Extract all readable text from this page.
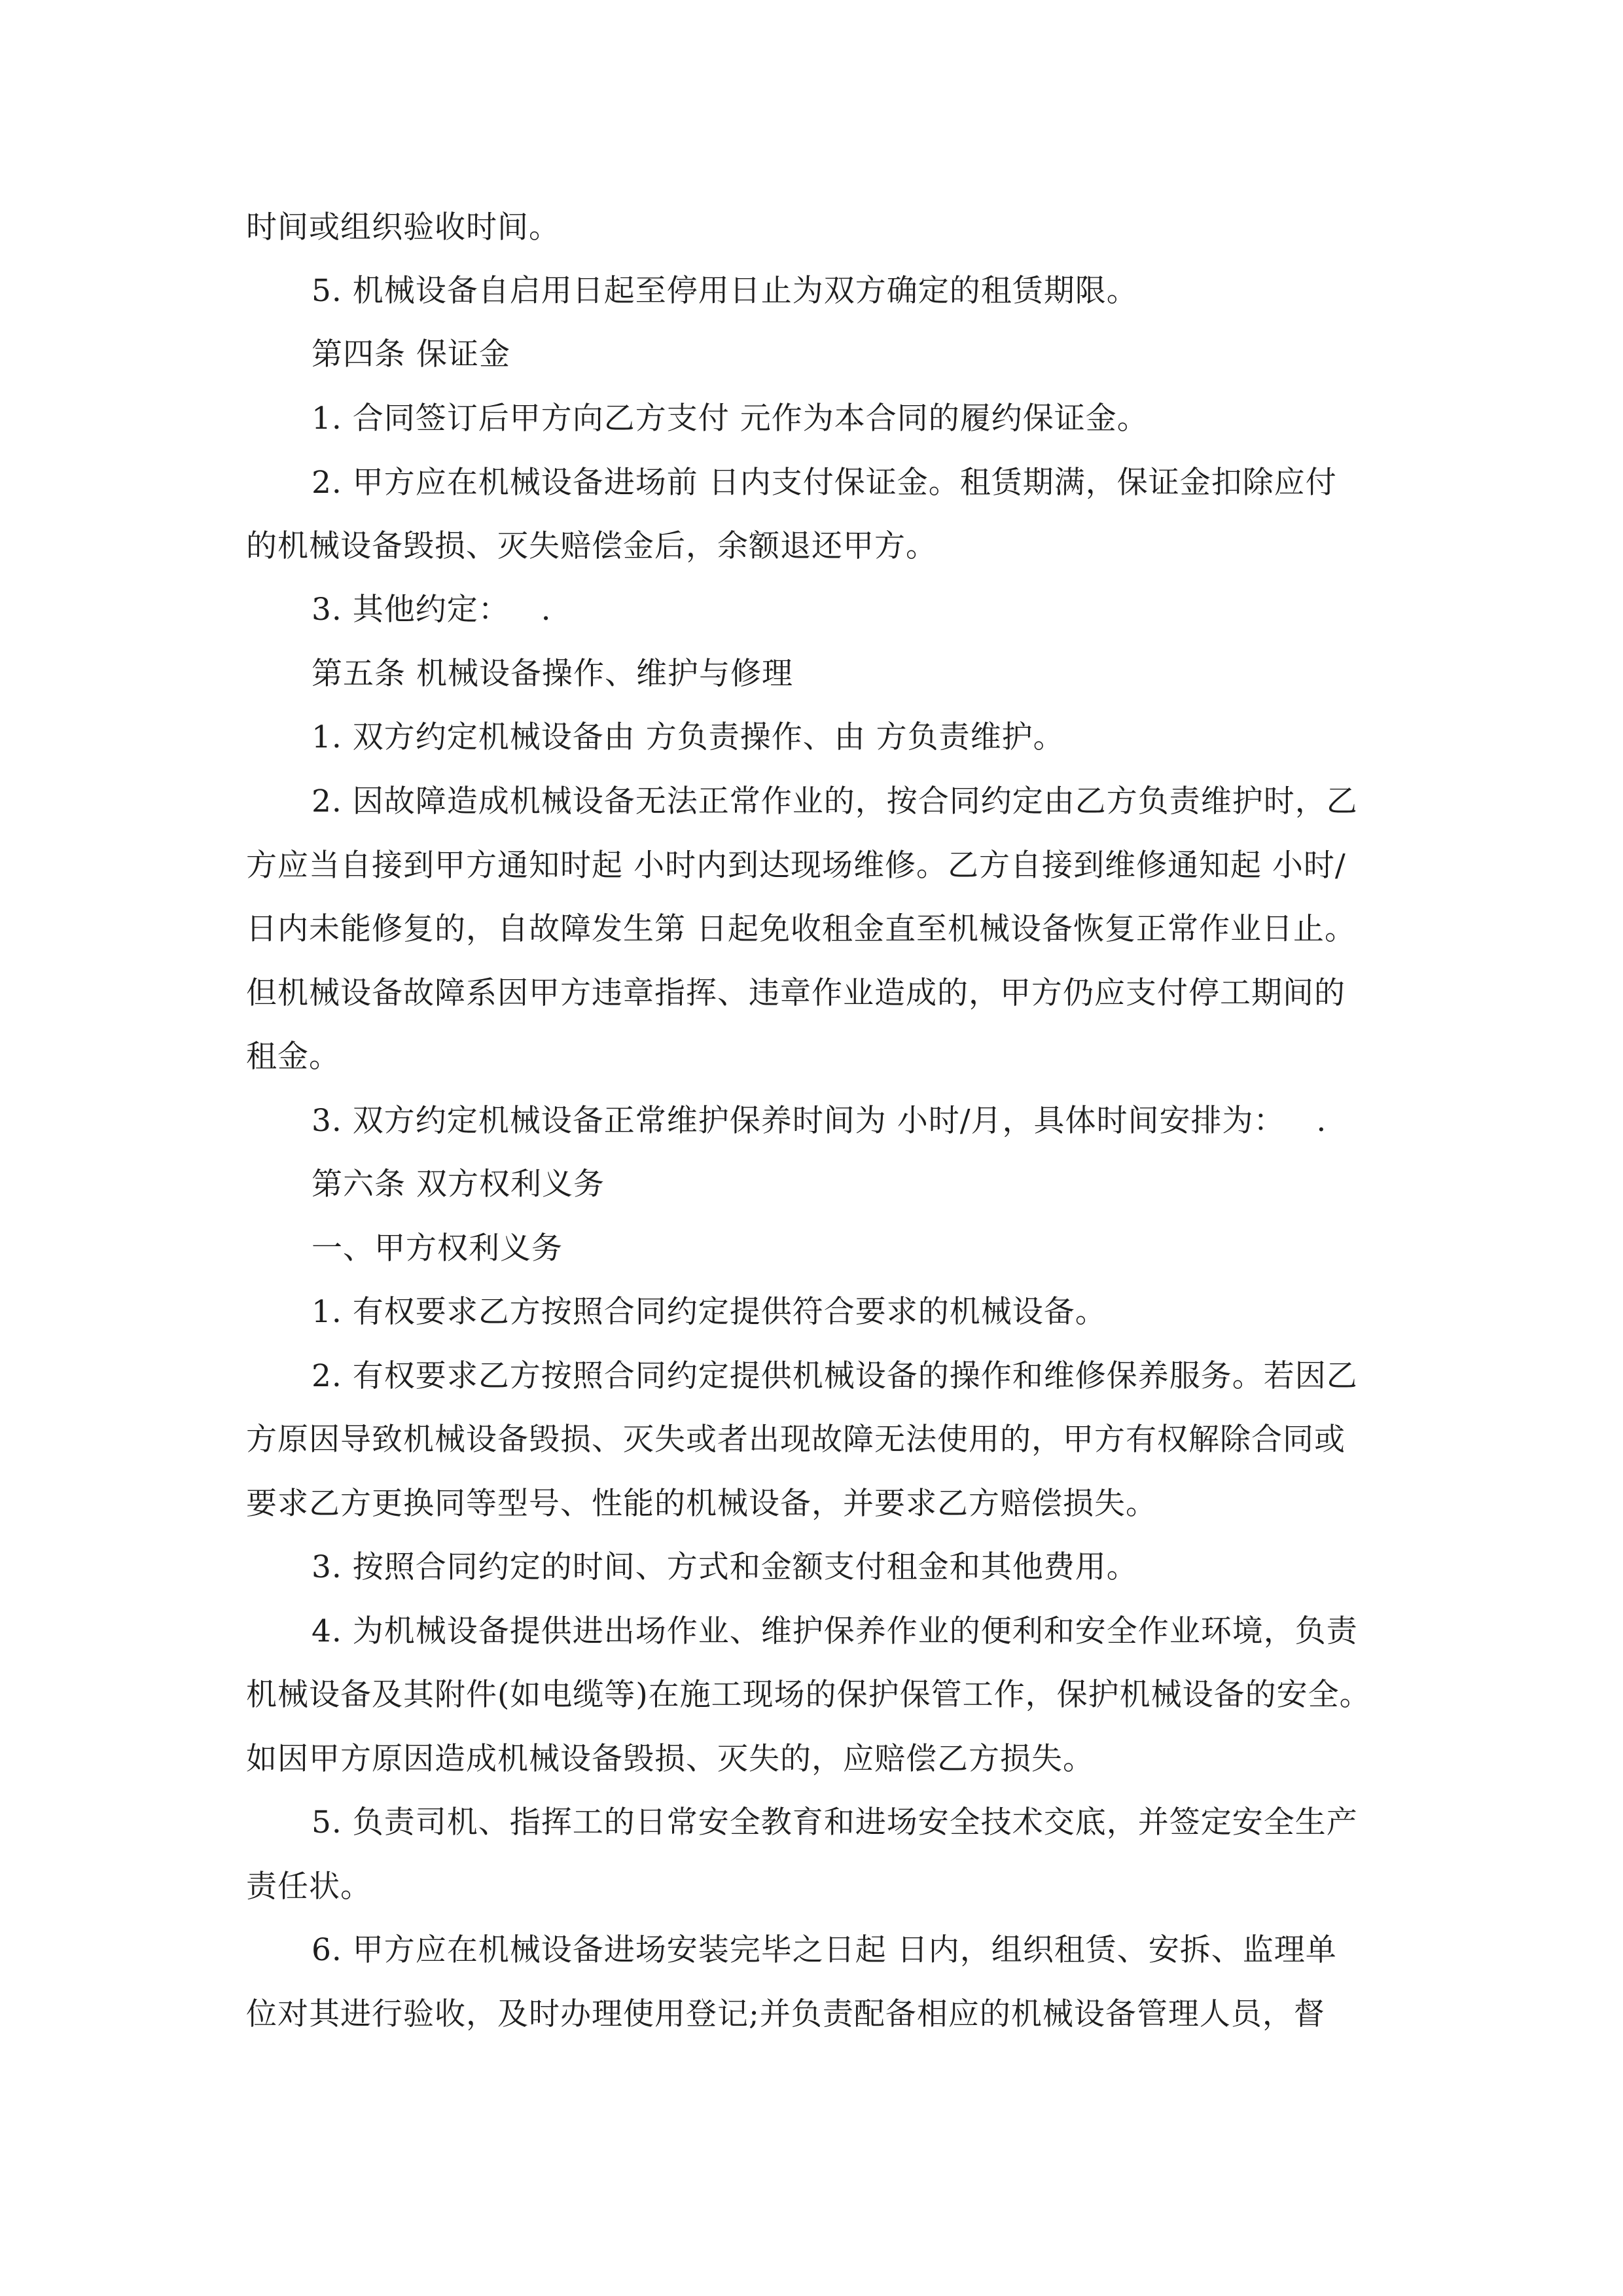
时间或组织验收时间。
5. 机械设备自启用日起至停用日止为双方确定的租赁期限。
第四条 保证金
1. 合同签订后甲方向乙方支付 元作为本合同的履约保证金。
2. 甲方应在机械设备进场前 日内支付保证金。租赁期满，保证金扣除应付
的机械设备毁损、灭失赔偿金后，余额退还甲方。
3. 其他约定：   .
第五条 机械设备操作、维护与修理
1. 双方约定机械设备由 方负责操作、由 方负责维护。
2. 因故障造成机械设备无法正常作业的，按合同约定由乙方负责维护时，乙
方应当自接到甲方通知时起 小时内到达现场维修。乙方自接到维修通知起 小时/
日内未能修复的，自故障发生第 日起免收租金直至机械设备恢复正常作业日止。
但机械设备故障系因甲方违章指挥、违章作业造成的，甲方仍应支付停工期间的
租金。
3. 双方约定机械设备正常维护保养时间为 小时/月，具体时间安排为：   .
第六条 双方权利义务
一、甲方权利义务
1. 有权要求乙方按照合同约定提供符合要求的机械设备。
2. 有权要求乙方按照合同约定提供机械设备的操作和维修保养服务。若因乙
方原因导致机械设备毁损、灭失或者出现故障无法使用的，甲方有权解除合同或
要求乙方更换同等型号、性能的机械设备，并要求乙方赔偿损失。
3. 按照合同约定的时间、方式和金额支付租金和其他费用。
4. 为机械设备提供进出场作业、维护保养作业的便利和安全作业环境，负责
机械设备及其附件(如电缆等)在施工现场的保护保管工作，保护机械设备的安全。
如因甲方原因造成机械设备毁损、灭失的，应赔偿乙方损失。
5. 负责司机、指挥工的日常安全教育和进场安全技术交底，并签定安全生产
责任状。
6. 甲方应在机械设备进场安装完毕之日起 日内，组织租赁、安拆、监理单
位对其进行验收，及时办理使用登记;并负责配备相应的机械设备管理人员，督
